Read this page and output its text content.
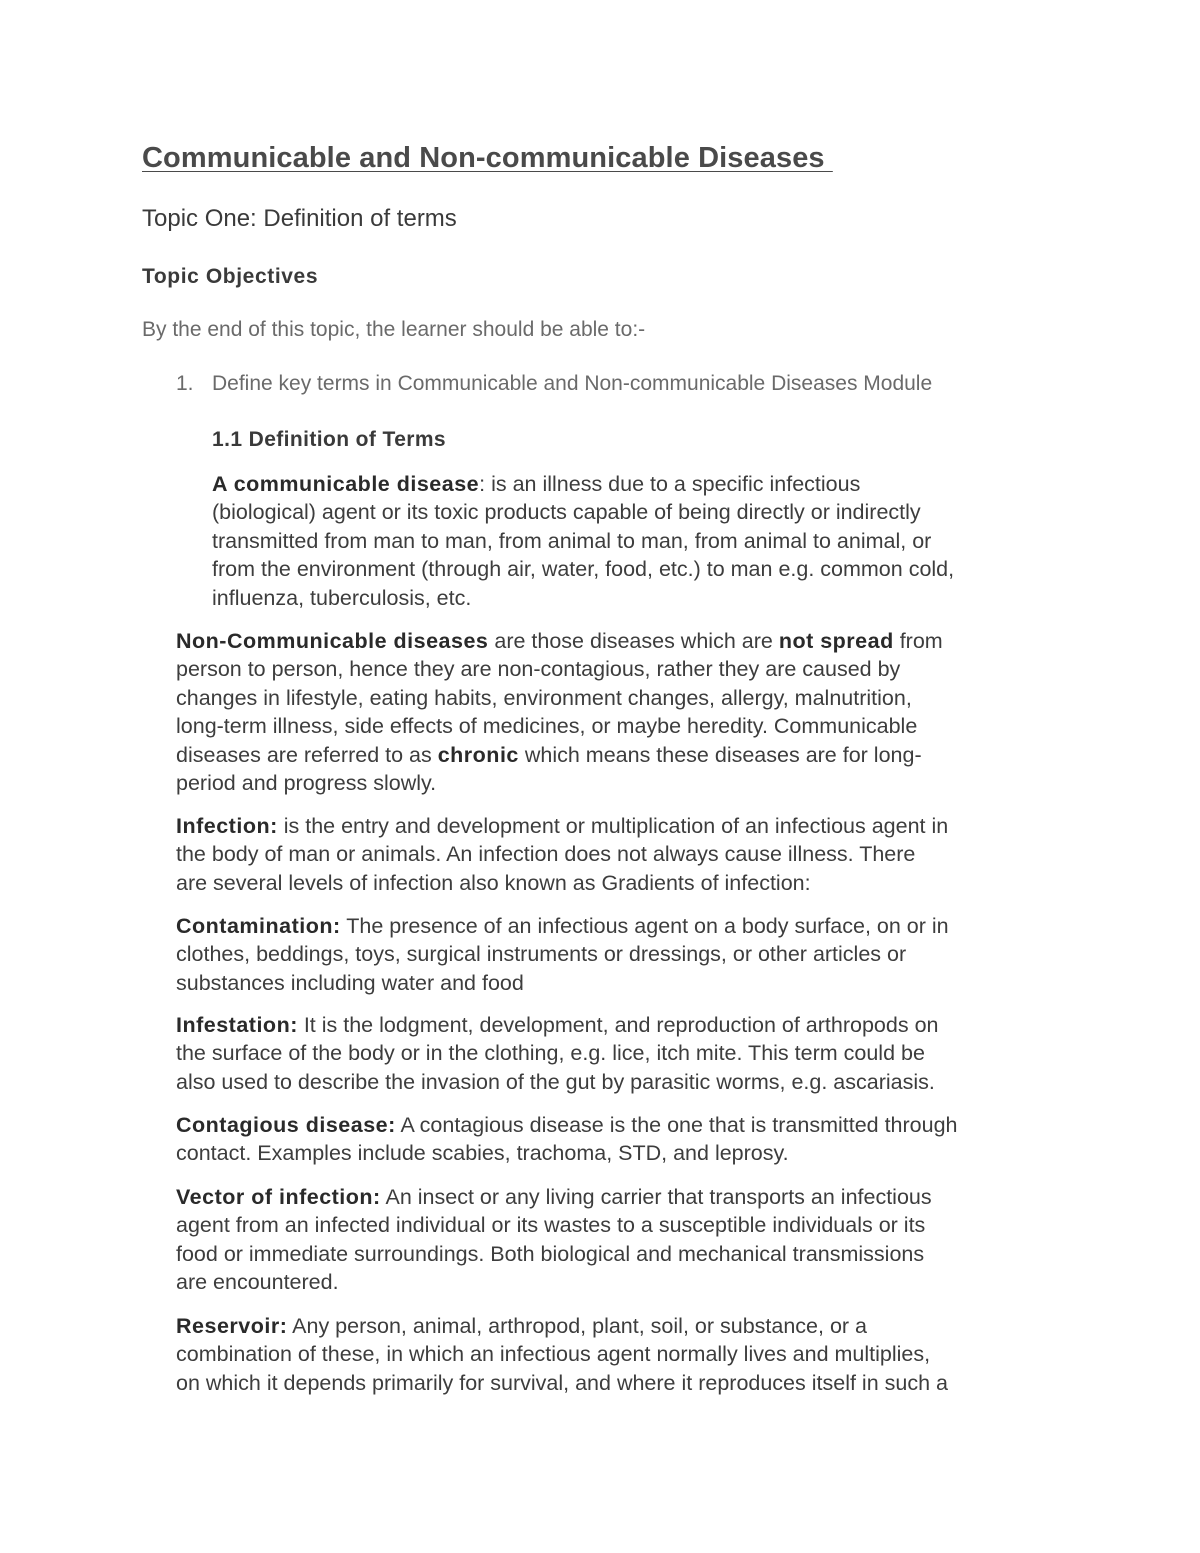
Communicable and Non-communicable Diseases
Topic One: Definition of terms
Topic Objectives

By the end of this topic, the learner should be able to:-

1. Define key terms in Communicable and Non-communicable Diseases Module
1.1 Definition of Terms
A communicable disease: is an illness due to a specific infectious
(biological) agent or its toxic products capable of being directly or indirectly
transmitted from man to man, from animal to man, from animal to animal, or
from the environment (through air, water, food, etc.) to man e.g. common cold,
influenza, tuberculosis, etc.
Non-Communicable diseases are those diseases which are not spread from
person to person, hence they are non-contagious, rather they are caused by
changes in lifestyle, eating habits, environment changes, allergy, malnutrition,
long-term illness, side effects of medicines, or maybe heredity. Communicable
diseases are referred to as chronic which means these diseases are for long-
period and progress slowly.
Infection: is the entry and development or multiplication of an infectious agent in
the body of man or animals. An infection does not always cause illness. There
are several levels of infection also known as Gradients of infection:
Contamination: The presence of an infectious agent on a body surface, on or in
clothes, beddings, toys, surgical instruments or dressings, or other articles or
substances including water and food
Infestation: It is the lodgment, development, and reproduction of arthropods on
the surface of the body or in the clothing, e.g. lice, itch mite. This term could be
also used to describe the invasion of the gut by parasitic worms, e.g. ascariasis.
Contagious disease: A contagious disease is the one that is transmitted through
contact. Examples include scabies, trachoma, STD, and leprosy.
Vector of infection: An insect or any living carrier that transports an infectious
agent from an infected individual or its wastes to a susceptible individuals or its
food or immediate surroundings. Both biological and mechanical transmissions
are encountered.
Reservoir: Any person, animal, arthropod, plant, soil, or substance, or a
combination of these, in which an infectious agent normally lives and multiplies,
on which it depends primarily for survival, and where it reproduces itself in such a
